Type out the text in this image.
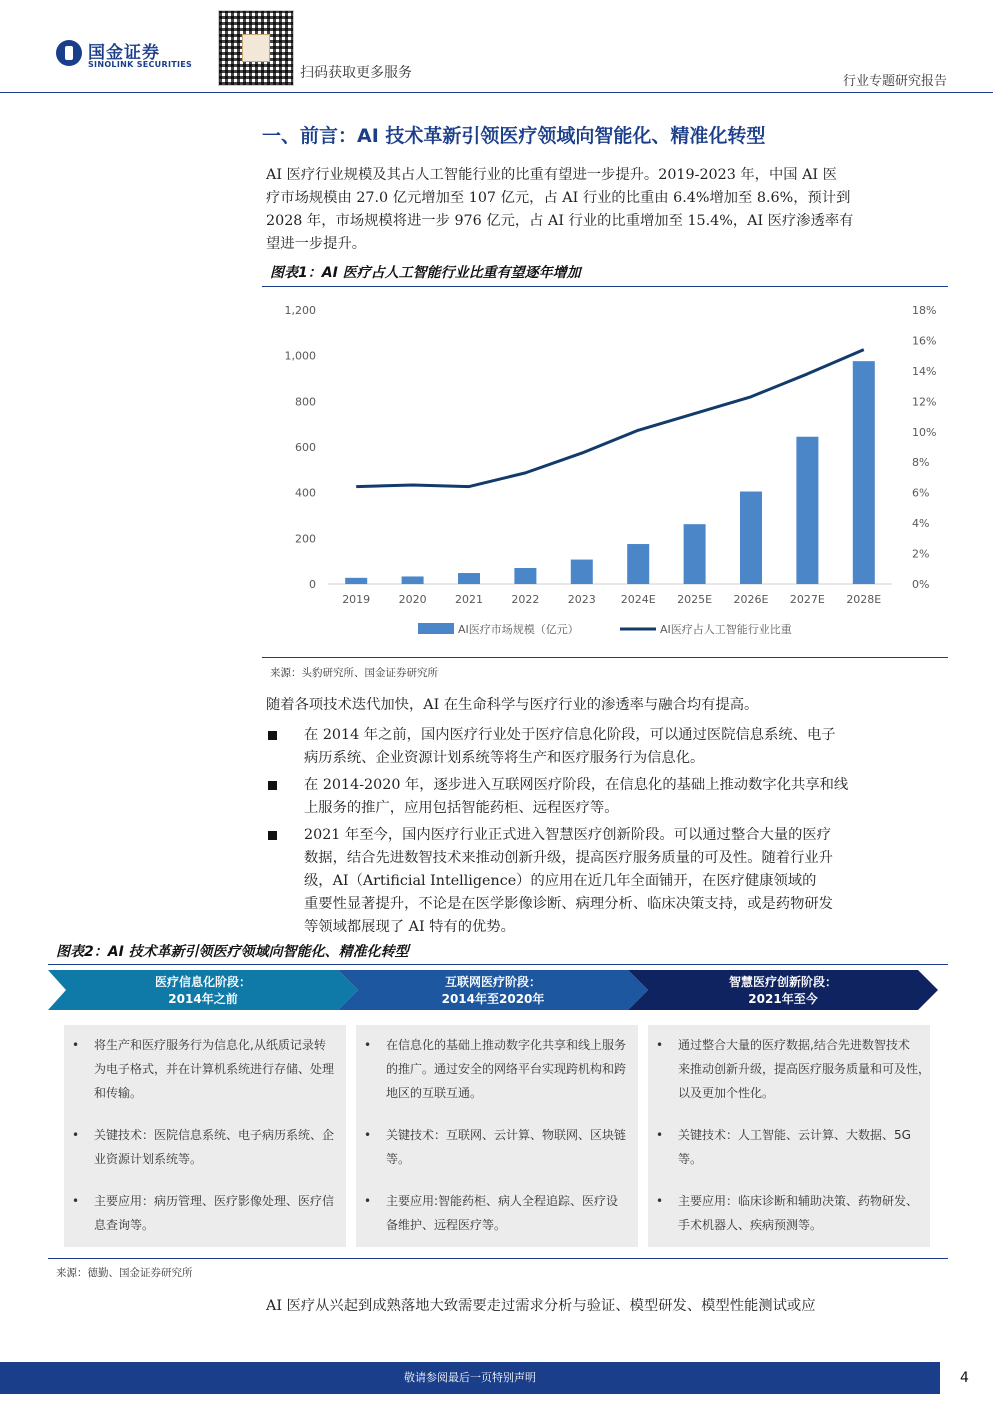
国金证券
SINOLINK SECURITIES
扫码获取更多服务
行业专题研究报告
一、前言：AI 技术革新引领医疗领域向智能化、精准化转型
AI 医疗行业规模及其占人工智能行业的比重有望进一步提升。2019-2023 年，中国 AI 医
疗市场规模由 27.0 亿元增加至 107 亿元，占 AI 行业的比重由 6.4%增加至 8.6%，预计到
2028 年，市场规模将进一步 976 亿元，占 AI 行业的比重增加至 15.4%，AI 医疗渗透率有
望进一步提升。
图表1：AI 医疗占人工智能行业比重有望逐年增加
0
200
400
600
800
1,000
1,200
0%
2%
4%
6%
8%
10%
12%
14%
16%
18%
2019	2020	2021	2022	2023 2024E 2025E 2026E 2027E 2028E
AI医疗市场规模（亿元）	AI医疗占人工智能行业比重
来源：头豹研究所、国金证券研究所
随着各项技术迭代加快，AI 在生命科学与医疗行业的渗透率与融合均有提高。
在 2014 年之前，国内医疗行业处于医疗信息化阶段，可以通过医院信息系统、电子
病历系统、企业资源计划系统等将生产和医疗服务行为信息化。
在 2014-2020 年，逐步进入互联网医疗阶段，在信息化的基础上推动数字化共享和线
上服务的推广，应用包括智能药柜、远程医疗等。
2021 年至今，国内医疗行业正式进入智慧医疗创新阶段。可以通过整合大量的医疗
数据，结合先进数智技术来推动创新升级，提高医疗服务质量的可及性。随着行业升
级，AI（Artificial Intelligence）的应用在近几年全面铺开，在医疗健康领域的
重要性显著提升，不论是在医学影像诊断、病理分析、临床决策支持，或是药物研发
等领域都展现了 AI 特有的优势。
图表2：AI 技术革新引领医疗领域向智能化、精准化转型
医疗信息化阶段：
2014年之前
• 将生产和医疗服务行为信息化,从纸质记录转
为电子格式，并在计算机系统进行存储、处理
和传输。
• 关键技术：医院信息系统、电子病历系统、企
业资源计划系统等。
• 主要应用：病历管理、医疗影像处理、医疗信
息查询等。
互联网医疗阶段：
2014年至2020年
• 在信息化的基础上推动数字化共享和线上服务
的推广。通过安全的网络平台实现跨机构和跨
地区的互联互通。
• 关键技术：互联网、云计算、物联网、区块链
等。
• 主要应用:智能药柜、病人全程追踪、医疗设
备维护、远程医疗等。
智慧医疗创新阶段：
2021年至今
• 通过整合大量的医疗数据,结合先进数智技术
来推动创新升级，提高医疗服务质量和可及性，
以及更加个性化。
• 关键技术：人工智能、云计算、大数据、5G
等。
• 主要应用：临床诊断和辅助决策、药物研发、
手术机器人、疾病预测等。
来源：德勤、国金证券研究所
AI 医疗从兴起到成熟落地大致需要走过需求分析与验证、模型研发、模型性能测试或应
敬请参阅最后一页特别声明	4
